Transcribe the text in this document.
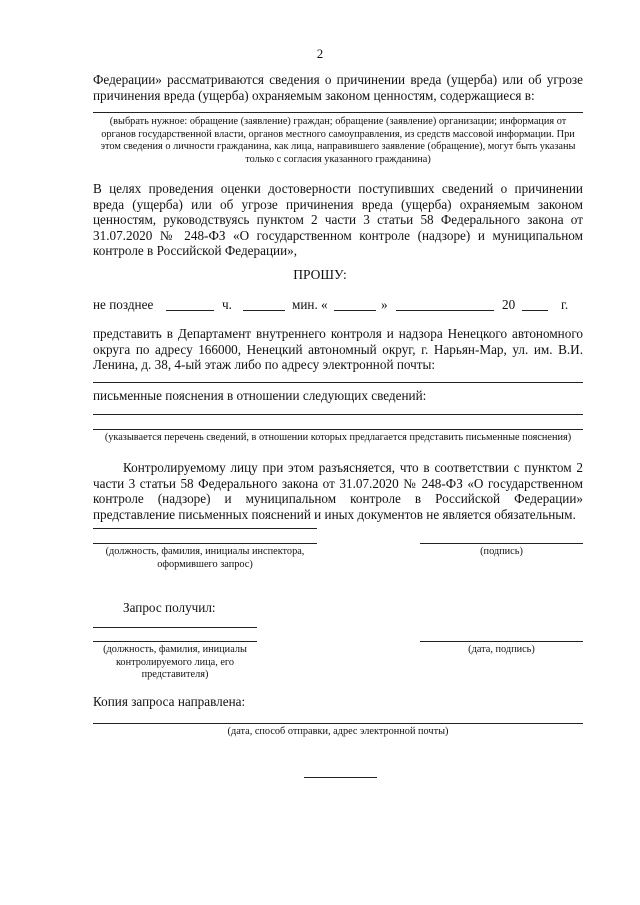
2
Федерации» рассматриваются сведения о причинении вреда (ущерба) или об угрозе причинения вреда (ущерба) охраняемым законом ценностям, содержащиеся в:
(выбрать нужное: обращение (заявление) граждан; обращение (заявление) организации; информация от органов государственной власти, органов местного самоуправления, из средств массовой информации. При этом сведения о личности гражданина, как лица, направившего заявление (обращение), могут быть указаны только с согласия указанного гражданина)
В целях проведения оценки достоверности поступивших сведений о причинении вреда (ущерба) или об угрозе причинения вреда (ущерба) охраняемым законом ценностям, руководствуясь пунктом 2 части 3 статьи 58 Федерального закона от 31.07.2020 № 248-ФЗ «О государственном контроле (надзоре) и муниципальном контроле в Российской Федерации»,
ПРОШУ:
не позднее	ч.	мин. «	»	20	г.
представить в Департамент внутреннего контроля и надзора Ненецкого автономного округа по адресу 166000, Ненецкий автономный округ, г. Нарьян-Мар, ул. им. В.И. Ленина, д. 38, 4-ый этаж либо по адресу электронной почты:
письменные пояснения в отношении следующих сведений:
(указывается перечень сведений, в отношении которых предлагается представить письменные пояснения)
Контролируемому лицу при этом разъясняется, что в соответствии с пунктом 2 части 3 статьи 58 Федерального закона от 31.07.2020 № 248-ФЗ «О государственном контроле (надзоре) и муниципальном контроле в Российской Федерации» представление письменных пояснений и иных документов не является обязательным.
(должность, фамилия, инициалы инспектора, оформившего запрос)
(подпись)
Запрос получил:
(должность, фамилия, инициалы контролируемого лица, его представителя)
(дата, подпись)
Копия запроса направлена:
(дата, способ отправки, адрес электронной почты)
